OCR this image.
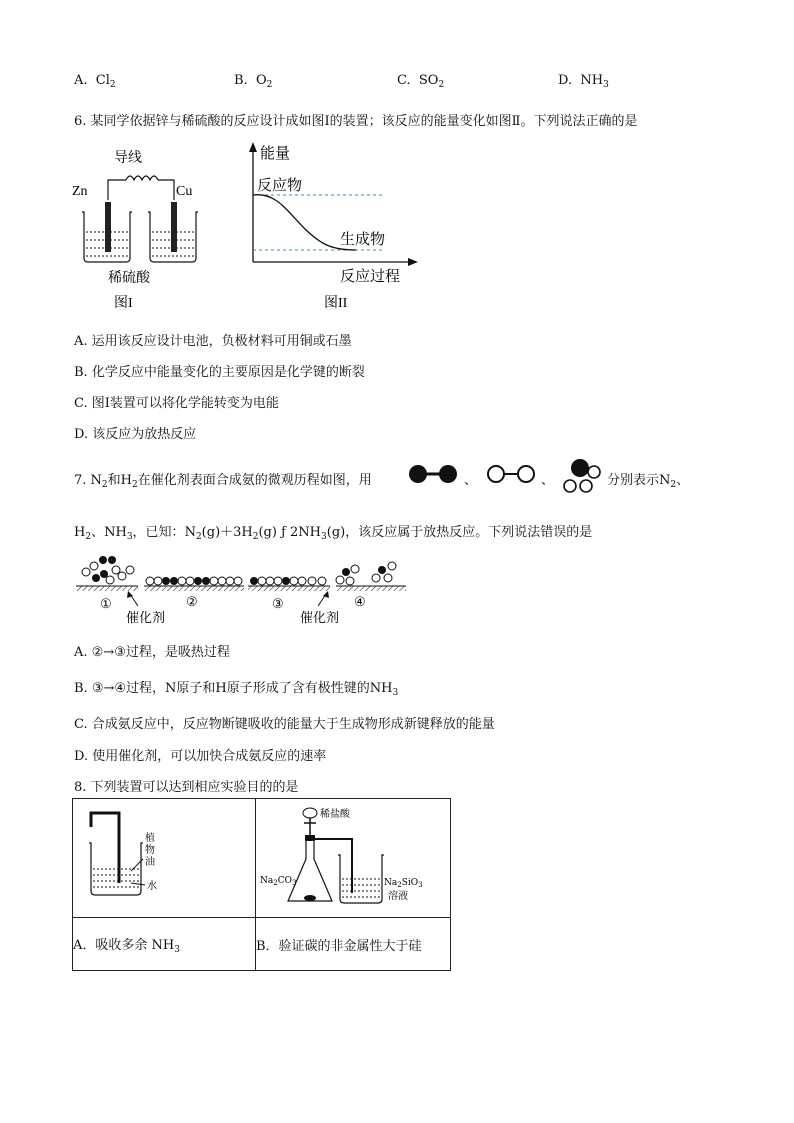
A. $Cl_2$	B. $O_2$	C. $SO_2$	D. $NH_3$
6. 某同学依据锌与稀硫酸的反应设计成如图Ⅰ的装置；该反应的能量变化如图Ⅱ。下列说法正确的是
导线
Zn	Cu
稀硫酸
图I
能量
反应物
生成物
反应过程
图II
A. 运用该反应设计电池，负极材料可用铜或石墨
B. 化学反应中能量变化的主要原因是化学键的断裂
C. 图Ⅰ装置可以将化学能转变为电能
D. 该反应为放热反应
7. $N_2$和$H_2$在催化剂表面合成氨的微观历程如图，用	、	、	分别表示$N_2$、
$H_2$、$NH_3$，已知：$N_2(g)+3H_2(g)$ ƒ $2NH_3(g)$，该反应属于放热反应。下列说法错误的是
①	②	③	④
催化剂	催化剂
A. ②→③过程，是吸热过程
B. ③→④过程，N原子和H原子形成了含有极性键的$NH_3$
C. 合成氨反应中，反应物断键吸收的能量大于生成物形成新键释放的能量
D. 使用催化剂，可以加快合成氨反应的速率
8. 下列装置可以达到相应实验目的的是
植
物
油
水	稀盐酸
$Na_2CO_3$ $Na_2SiO_3$
溶液

A．吸收多余 $NH_3$	B．验证碳的非金属性大于硅
